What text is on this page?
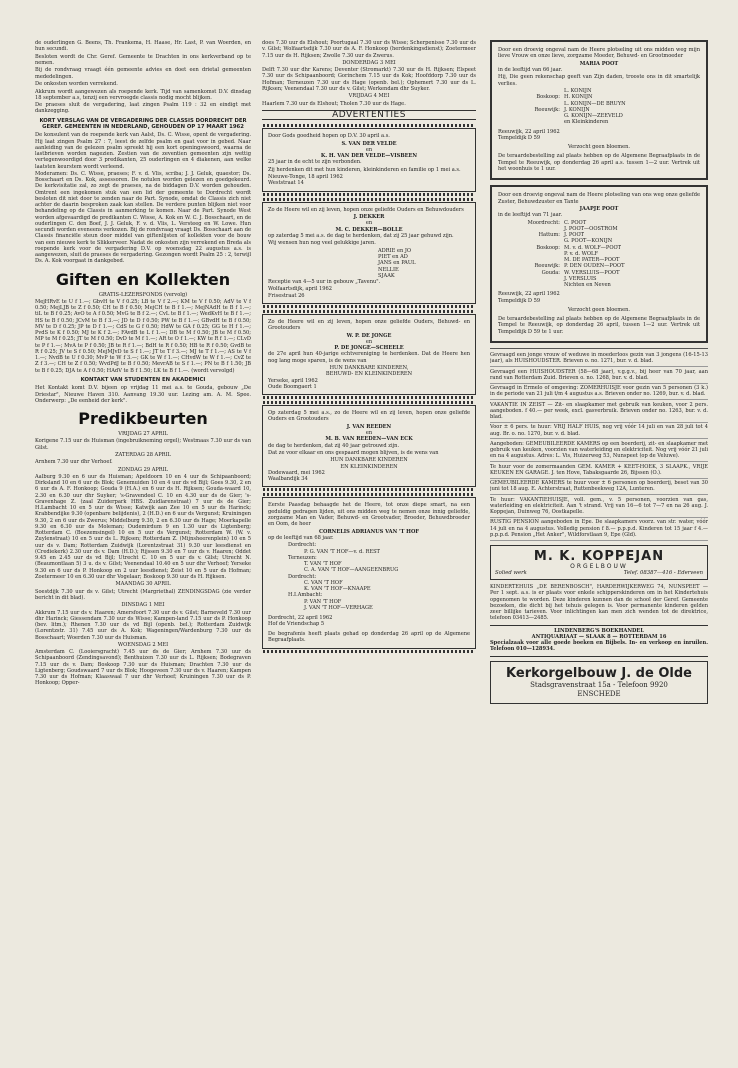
de ouderlingen G. Beens, Th. Frankema, H. Haase, Hr. Last, P. van Woerden, en hun secundi.

Besloten wordt de Chr. Geref. Gemeente te Drachten in ons kerkverband op te nemen.

Bij de rondvraag vraagt één gemeente advies en doet een drietal gemeenten mededelingen.

De onkosten worden verrekend.

Akkrum wordt aangewezen als roepende kerk. Tijd van samenkomst D.V. dinsdag 18 september a.s, tenzij een vervroegde classis nodig mocht blijken.

De praeses sluit de vergadering, laat zingen Psalm 119 : 32 en eindigt met dankzegging.

KORT VERSLAG VAN DE VERGADERING DER CLASSIS DORDRECHT DER GEREF. GEMEENTEN IN NEDERLAND, GEHOUDEN OP 17 MAART 1962

De konsulent van de roepende kerk van Aalst, Ds. C. Wisse, opent de vergadering. Hij laat zingen Psalm 27 : 7, leest de zelfde psalm en gaat voor in gebed. Naar aanleiding van de gelezen psalm spreekt hij een kort openingswoord, waarna de lastbrieven worden nagezien. Zestien van de zeventien gemeenten zijn wettig vertegenwoordigd door 3 predikanten, 25 ouderlingen en 4 diakenen, aan welke laatsten keurstem wordt verleend.

Moderamen: Ds. C. Wisse, praeses; F. v. d. Vlis, scriba; J. J. Geluk, quaestor; Ds. Bosschaart en Ds. Kok, assessoren. De notulen worden gelezen en goedgekeurd. De kerkvisitatie zal, zo zegt de praeses, na de biddagen D.V. worden gehouden. Omtrent een ingekomen stuk van een lid der gemeente te Dordrecht wordt besloten dit niet door te zenden naar de Part. Synode, omdat de Classis zich niet achter de daarin besproken zaak kan stellen. De verdere punten blijken niet voor behandeling op de Classis in aanmerking te komen. Naar de Part. Synode West worden afgevaardigd de predikanten C. Wisse, A. Kok en W. C. J. Bosschaart, en de ouderlingen C. den Boef, J. J. Geluk, F. v. d. Vlis, L. Versteeg en W. Lowe. Hun secundi worden eveneens verkozen. Bij de rondvraag vraagt Ds. Bosschaart aan de Classis financiële steun door middel van giftenlijsten of kollekten voor de bouw van een nieuwe kerk te Slikkerveer. Nadat de onkosten zijn verrekend en Breda als roepende kerk voor de vergadering D.V. op woensdag 22 augustus a.s. is aangewezen, sluit de praeses de vergadering. Gezongen wordt Psalm 25 : 2, terwijl Ds. A. Kok voorgaat in dankgebed.

Giften en Kollekten
GRATIS-LEZERSFONDS (vervolg)

MejHRvE te U f 1.—; GbvH te V f 0.25; LB te V f 2.—; KM te V f 0.50; AdV te V f 0.50; MejLJB te Z f 0.50; CH te B f 0.50; MejCH te B f 1.—; MejNAdH te B f 1.—; tiL te B f 0.25; AvO te A f 0.50; MvG te B f 2.—; CvL te B f 1.—; WedKvH te B f 1.—; HS te B f 0.50; JCvM te B f 3.—; JD te D f 0.50; PW te B f 1.—; GBvdH te B f 0.50; MV te D f 0.25; JP te D f 1.—; CdS te G f 0.50; HdW te GA f 0.25; GG te H f 1.—; PvdS te K f 0.50; MJ te K f 2.—; FAvdB te L f 1.—; DB te M f 0.50; JB te M f 0.50; MP te M f 0.25; JT te M f 0.50; DvD te M f 1.—; AR te O f 1.—; KW te R f 1.—; CLvD te P f 1.—; MvA te P f 0.50; JB te R f 1.—; BdH te R f 0.50; HB te R f 0.50; GvdB te R f 0.25; JV te S f 0.50; MejMJvD te S f 1.—; JT te T f 3.—; MJ te T f 1.—; AS te V f 1.—; NvdB te U f 0.30; MvP te W f 3.—; GK te W f 1.—; CHvdW te W f 1.—; CvZ te Z f 3.—; CH te Z f 0.50; WvdPdJ te B f 0.50; MevrAB te S f 1.—; PN te B f 1.50; JB te B f 0.25; DJA te A f 0.50; HAdV te B f 1.50; LK te B f 1.—. (wordt vervolgd)

KONTAKT VAN STUDENTEN EN AKADEMICI

Het Kontakt komt D.V. bijeen op vrijdag 11 mei a.s. te Gouda, gebouw „De Driestar", Nieuwe Haven 310. Aanvang 19.30 uur. Lezing am. A. M. Spee. Onderwerp: „De eenheid der kerk".

Predikbeurten
VRIJDAG 27 APRIL

Korigene 7.15 uur ds Huisman (ingebruikneming orgel); Westmaas 7.30 uur ds van Gilst.

ZATERDAG 28 APRIL

Arnhem 7.30 uur dhr Verhoef.

ZONDAG 29 APRIL

Aalburg 9.30 en 6 uur ds Huisman; Apeldoorn 10 en 4 uur ds Schipaanboord; Dirksland 10 en 6 uur ds Blok; Genemuiden 10 en 4 uur ds vd Bijl; Goes 9.30, 2 en 6 uur ds A. F. Honkoop; Gouda 9 (H.A.) en 6 uur ds H. Rijksen; Gouda-waard 10, 2.30 en 6.30 uur dhr Suyker; 's-Gravendeel C. 10 en 4.30 uur ds de Gier; 's-Gravenhage Z. (zaal Zuiderpark HBS. Zuidlarenstraat) 7 uur ds de Gier; H.Lambacht 10 en 5 uur ds Wisse; Katwijk aan Zee 10 en 5 uur ds Harinck; Krabbendijke 9.30 (openbare belijdenis), 2 (H.D.) en 6 uur ds Vergunst; Kruiningen 9.30, 2 en 6 uur ds Zwerus; Middelburg 9.30, 2 en 6.30 uur ds Hage; Moerkapelle 9.30 en 6.30 uur ds Moleman; Oudemirdum 9 en 1.30 uur ds Ligtenberg; Rotterdam C. (Boezemsingel) 10 en 5 uur ds Vergunst; Rotterdam W. (W. v. Zuylenstraat) 10 en 5 uur ds L. Rijksen; Rotterdam Z. (Mijnsheerenplein) 10 en 5 uur ds v. Dam; Rotterdam Zuidwijk (Lorentzstraat 31) 9.30 uur leesdienst en (Crediekerk) 2.30 uur ds v. Dam (H.D.); Rijssen 9.30 en 7 uur ds v. Haaren; Oddet 9.45 en 2.45 uur ds vd Bijl; Utrecht C. 10 en 5 uur ds v. Gilst; Utrecht N. (Beaumontlaan 5) 3 u. ds v. Gilst; Veenendaal 10.40 en 5 uur dhr Verhoef; Yerseke 9.30 en 6 uur ds P. Honkoop en 2 uur leesdienst; Zeist 10 en 5 uur ds Hofman; Zoetermeer 10 en 6.30 uur dhr Vogelaar; Boskoop 9.30 uur ds H. Rijksen.

MAANDAG 30 APRIL

Soestdijk 7.30 uur ds v. Gilst; Utrecht (Margriethal) ZENDINGSDAG (zie verder bericht in dit blad).

DINSDAG 1 MEI

Akkrum 7.15 uur ds v. Haaren; Amersfoort 7.30 uur ds v. Gilst; Barneveld 7.30 uur dhr Harinck; Giessendam 7.30 uur ds Wisse; Kampen-land 7.15 uur ds P. Honkoop (bev. litm.); Rhenen 7.30 uur ds vd Bijl (openb. bel.); Rotterdam Zuidwijk (Lorentzstr. 31) 7.45 uur ds A. Kok; Wageningen/Wardenburg 7.30 uur ds Bosschaart; Woerden 7.30 uur ds Huisman.

WOENSDAG 2 MEI

Amsterdam C. (Looiersgracht) 7.45 uur ds de Gier; Arnhem 7.30 uur ds Schipaanboord (Zendingsavond); Benthuizen 7.30 uur ds L. Rijksen; Bodegraven 7.15 uur ds v. Dam; Boskoop 7.30 uur ds Huisman; Drachten 7.30 uur ds Ligtenberg; Goudswaard 7 uur ds Blok; Hoogeveen 7.30 uur ds v. Haaren; Kampen 7.30 uur ds Hofman; Klaaswaal 7 uur dhr Verhoef; Kruiningen 7.30 uur ds P. Honkoop; Opper-

does 7.30 uur ds Elshout; Poortugaal 7.30 uur ds Wisse; Scherpenisse 7.30 uur ds v. Gilst; Wolfaartsdijk 7.30 uur ds A. F. Honkoop (herdenkingsdienst); Zoetermeer 7.15 uur ds H. Rijksen; Zwolle 7.30 uur ds Zwerus.

DONDERDAG 3 MEI

Delft 7.30 uur dhr Karens; Deventer (Stromarkt) 7.30 uur ds H. Rijksen; Elspeet 7.30 uur ds Schipaanboord; Gorinchem 7.15 uur ds Kok; Hoofddorp 7.30 uur ds Hofman; Terneuzen 7.30 uur ds Hage (openb. bel.); Ophemert 7.30 uur ds L. Rijksen; Veenendaal 7.30 uur ds v. Gilst; Werkendam dhr Suyker.

VRIJDAG 4 MEI

Haarlem 7.30 uur ds Elshout; Tholen 7.30 uur ds Hage.

ADVERTENTIES

Door Gods goedheid hopen op D.V. 30 april a.s.

S. VAN DER VELDE
en
K. H. VAN DER VELDE—VISBEEN

25 jaar in de echt te zijn verbonden.

Zij herdenken dit met hun kinderen, kleinkinderen en familie op 1 mei a.s.

Nieuwe-Tonge, 18 april 1962
Weststraat 14

Zo de Heere wil en zij leven, hopen onze geliefde Ouders en Behuwdouders

J. DEKKER
en
M. C. DEKKER—BOLLE

op zaterdag 5 mei a.s. de dag te herdenken, dat zij 25 jaar gehuwd zijn.

Wij wensen hun nog veel gelukkige jaren.

ADRIE en JO
PIET en AD
JANS en PAUL
NELLIE
SJAAK

Receptie van 4—5 uur in gebouw „Tavenu".

Wolfaartsdijk, april 1962
Frisestraat 26

Zo de Heere wil en zij leven, hopen onze geliefde Ouders, Behuwd- en Grootouders

W. P. DE JONGE
en
P. DE JONGE—SCHEELE

de 27e april hun 40-jarige echtvereniging te herdenken. Dat de Heere hen nog lang moge sparen, is de wens van

HUN DANKBARE KINDEREN,
BEHUWD- EN KLEINKINDEREN
Yerseke, april 1962
Oude Boomgaert 1

Op zaterdag 5 mei a.s., zo de Heere wil en zij leven, hopen onze geliefde Ouders en Grootouders

J. VAN REEDEN
en
M. B. VAN REEDEN—VAN ECK

de dag te herdenken, dat zij 40 jaar getrouwd zijn.

Dat ze voor elkaar en ons gespaard mogen blijven, is de wens van

HUN DANKBARE KINDEREN
EN KLEINKINDEREN
Dodewaard, mei 1962
Waalbandijk 34

Eerste Paasdag behaagde het de Heere, tot onze diepe smart, na een geduldig gedragen lijden, uit ons midden weg te nemen onze innig geliefde, zorgzame Man en Vader, Behuwd- en Grootvader, Broeder, Behuwdbroeder en Oom, de heer

CORNELIS ADRIANUS VAN 'T HOF

op de leeftijd van 68 jaar.

Dordrecht:
P. G. VAN 'T HOF—v. d. REST
Terneuzen:
T. VAN 'T HOF
C. A. VAN 'T HOF—AANGEENBRUG
Dordrecht:
C. VAN 'T HOF
K. VAN 'T HOF—KNAAPE
H.I.Ambacht:
P. VAN 'T HOF
J. VAN 'T HOF—VERHAGE
Dordrecht, 22 april 1962
Hof de Vriendschap 5

De begrafenis heeft plaats gehad op donderdag 26 april op de Algemene Begraafplaats.

Door een droevig ongeval nam de Heere plotseling uit ons midden weg mijn lieve Vrouw en onze lieve, zorgzame Moeder, Behuwd- en Grootmoeder

MARIA POOT

in de leeftijd van 66 jaar.

Hij, Die geen rekenschap geeft van Zijn daden, trooste ons in dit smartelijk verlies.

L. KONIJN
Boskoop: H. KONIJN
L. KONIJN—DE BRUYN
Reeuwijk: J. KONIJN
G. KONIJN—ZEEVELD
en Kleinkinderen
Reeuwijk, 22 april 1962
Tempeldijk D 59
Verzocht geen bloemen.

De teraardebestelling zal plaats hebben op de Algemene Begraafplaats in de Tempel te Reeuwijk, op donderdag 26 april a.s. tussen 1—2 uur. Vertrek uit het woonhuis te 1 uur.

Door een droevig ongeval nam de Heere plotseling van ons weg onze geliefde Zuster, Behuwdzuster en Tante

JAAPJE POOT

in de leeftijd van 71 jaar.

Moordrecht: C. POOT
J. POOT—OOSTROM
Hattum: J. POOT
G. POOT—KONIJN
Boskoop: M. v. d. WOLF—POOT
P. v. d. WOLF
M. DE PATER—POOT
Reeuwijk: P. DEN OUDEN—POOT
Gouda: W. VERSLUIS—POOT
J. VERSLUIS
Nichten en Neven
Reeuwijk, 22 april 1962
Tempeldijk D 59
Verzocht geen bloemen.

De teraardebestelling zal plaats hebben op de Algemene Begraafplaats in de Tempel te Reeuwijk, op donderdag 26 april, tussen 1—2 uur. Vertrek uit Tempeldijk D 59 te 1 uur.

Gevraagd een jonge vrouw of weduwe in moederloos gezin van 3 jongens (16-15-13 jaar), als HUISHOUDSTER. Brieven o. no. 1271, bur. v. d. blad.

Gevraagd een HUISHOUDSTER (58—68 jaar), v.g.g.v., bij heer van 70 jaar, aan rand van Rotterdam Zuid. Brieven o. no. 1268, bur. v. d. blad.

Gevraagd in Ermelo of omgeving: ZOMERHUISJE voor gezin van 5 personen (3 k.) in de periode van 21 juli t/m 4 augustus a.s. Brieven onder no. 1269, bur. v. d. blad.

VAKANTIE IN ZEIST — Zit- en slaapkamer met gebruik van keuken, voor 2 pers. aangeboden. f 40.— per week, excl. gasverbruik. Brieven onder no. 1263, bur. v. d. blad.

Voor ± 6 pers. te huur: VRIJ HALF HUIS, nog vrij vóór 14 juli en van 28 juli tot 4 aug. Br. o. no. 1270, bur. v. d. blad.

Aangeboden: GEMEUBILEERDE KAMERS op een boerderij, zit- en slaapkamer met gebruik van keuken, voorzien van waterleiding en elektriciteit. Nog vrij vóór 21 juli en na 4 augustus. Adres: L. Vis, Huizerweg 53, Nunspeet (op de Veluwe).

Te huur voor de zomermaanden GEM. KAMER + KEET-HOEK, 3 SLAAPK., VRIJE KEUKEN EN GARAGE. J. ten Hove, Tabaksgaarde 26, Bijssen (O.).

GEMEUBILEERDE KAMERS te huur voor ± 6 personen op boerderij, beset van 30 juni tot 18 aug. E. Achterstraat, Ruttenbeekweg 12A, Lunteren.

Te huur: VAKANTIEHUISJE, voll. gem., v. 5 personen, voorzien van gas, waterleiding en elektriciteit. Aan 't strand. Vrij van 16—6 tot 7—7 en na 26 aug. J. Koppejan, Duinweg 76, Oostkapelle.

RUSTIG PENSION aangeboden in Epe. De slaapkamers voorz. van str. water, vóór 14 juli en na 4 augustus. Volledig pension f 8.— p.p.p.d. Kinderen tot 15 jaar f 4.— p.p.p.d. Pension „Het Anker", Wildforstlaan 9, Epe (Gld).

M. K. KOPPEJAN
ORGELBOUW
Solied werk	Telef. 08387—416 - Ederveen

KINDERTEHUIS „DE BERENBOSCH", HARDERWIJKERWEG 74, NUNSPEET — Per 1 sept. a.s. is er plaats voor enkele schipperskinderen om in het Kindertehuis opgenomen te worden. Deze kinderen kunnen dan de school der Geref. Gemeente bezoeken, die dicht bij het tehuis gelegen is. Voor permanente kinderen gelden zeer billijke tarieven. Voor inlichtingen kan men zich wenden tot de direktrice, telefoon 03413—2485.

LINDENBERG'S BOEKHANDEL
ANTIQUARIAAT — SLAAK 8 — ROTTERDAM 16

Specialzaak voor alle goede boeken en Bijbels. In- en verkoop en inruilen. Telefoon 010—128934.

Kerkorgelbouw J. de Olde
Stadsgravenstraat 15a - Telefoon 9920
ENSCHEDE
